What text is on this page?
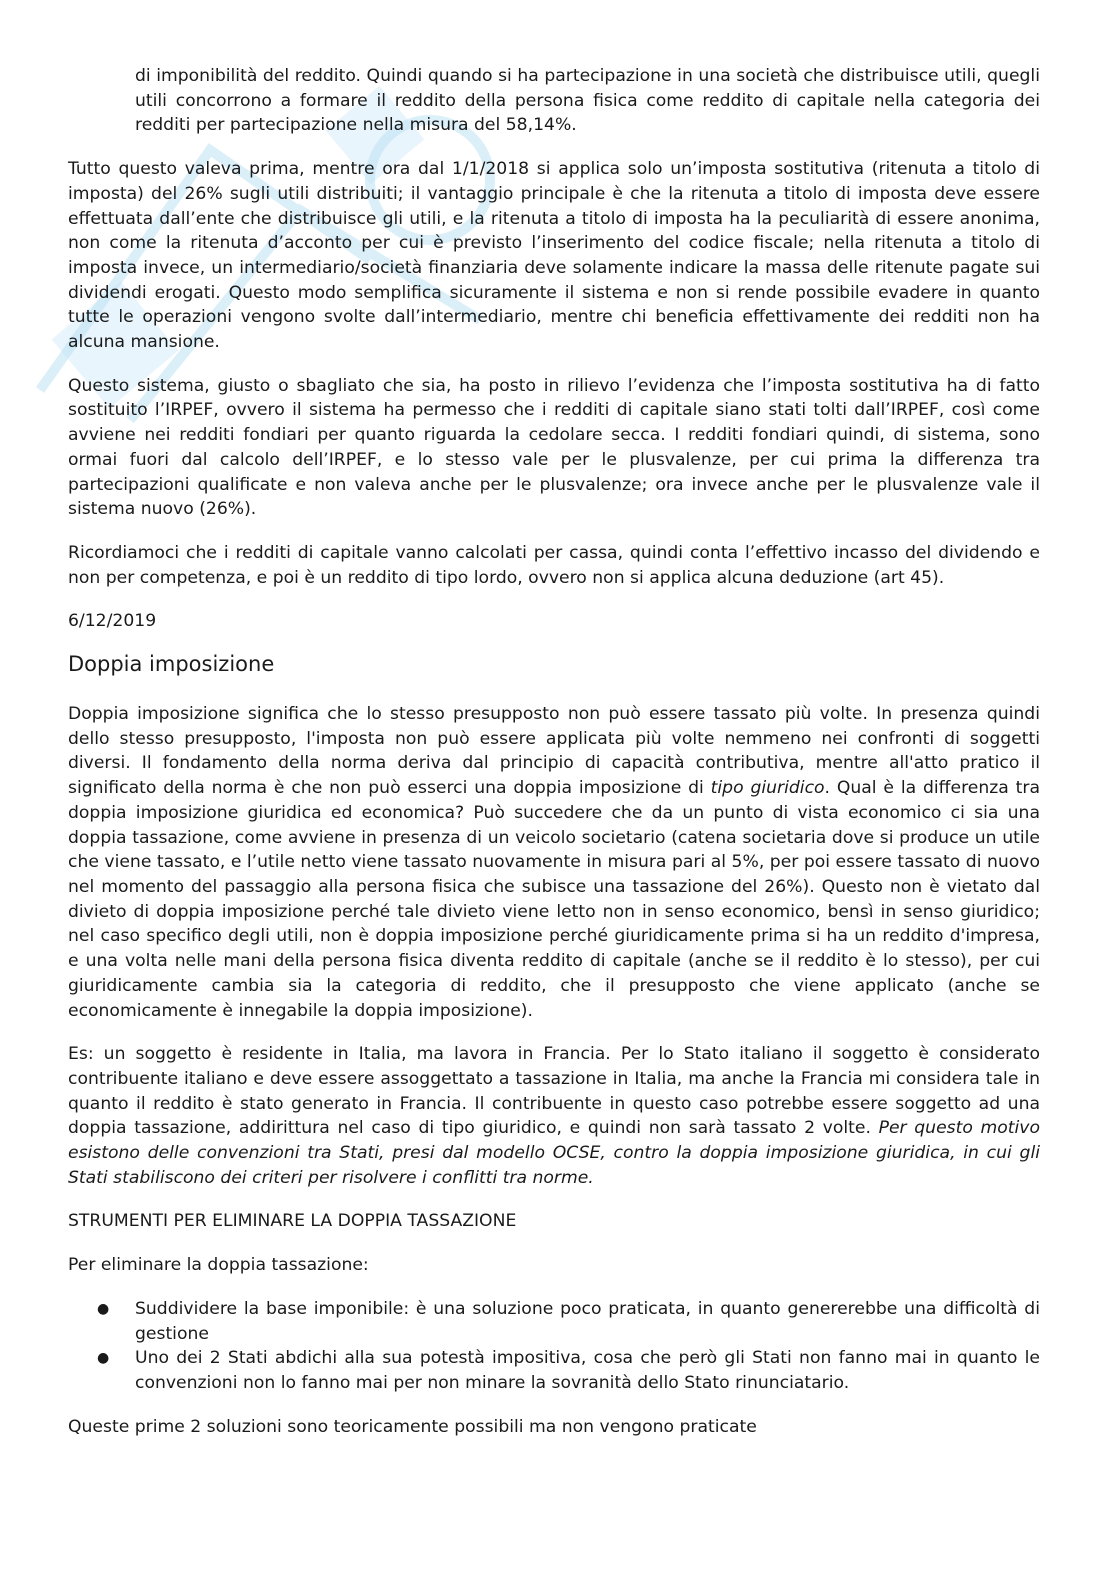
di imponibilità del reddito. Quindi quando si ha partecipazione in una società che distribuisce utili, quegli utili concorrono a formare il reddito della persona fisica come reddito di capitale nella categoria dei redditi per partecipazione nella misura del 58,14%.

Tutto questo valeva prima, mentre ora dal 1/1/2018 si applica solo un’imposta sostitutiva (ritenuta a titolo di imposta) del 26% sugli utili distribuiti; il vantaggio principale è che la ritenuta a titolo di imposta deve essere effettuata dall’ente che distribuisce gli utili, e la ritenuta a titolo di imposta ha la peculiarità di essere anonima, non come la ritenuta d’acconto per cui è previsto l’inserimento del codice fiscale; nella ritenuta a titolo di imposta invece, un intermediario/società finanziaria deve solamente indicare la massa delle ritenute pagate sui dividendi erogati. Questo modo semplifica sicuramente il sistema e non si rende possibile evadere in quanto tutte le operazioni vengono svolte dall’intermediario, mentre chi beneficia effettivamente dei redditi non ha alcuna mansione.

Questo sistema, giusto o sbagliato che sia, ha posto in rilievo l’evidenza che l’imposta sostitutiva ha di fatto sostituito l’IRPEF, ovvero il sistema ha permesso che i redditi di capitale siano stati tolti dall’IRPEF, così come avviene nei redditi fondiari per quanto riguarda la cedolare secca. I redditi fondiari quindi, di sistema, sono ormai fuori dal calcolo dell’IRPEF, e lo stesso vale per le plusvalenze, per cui prima la differenza tra partecipazioni qualificate e non valeva anche per le plusvalenze; ora invece anche per le plusvalenze vale il sistema nuovo (26%).

Ricordiamoci che i redditi di capitale vanno calcolati per cassa, quindi conta l’effettivo incasso del dividendo e non per competenza, e poi è un reddito di tipo lordo, ovvero non si applica alcuna deduzione (art 45).

6/12/2019

Doppia imposizione

Doppia imposizione significa che lo stesso presupposto non può essere tassato più volte. In presenza quindi dello stesso presupposto, l'imposta non può essere applicata più volte nemmeno nei confronti di soggetti diversi. Il fondamento della norma deriva dal principio di capacità contributiva, mentre all'atto pratico il significato della norma è che non può esserci una doppia imposizione di tipo giuridico. Qual è la differenza tra doppia imposizione giuridica ed economica? Può succedere che da un punto di vista economico ci sia una doppia tassazione, come avviene in presenza di un veicolo societario (catena societaria dove si produce un utile che viene tassato, e l’utile netto viene tassato nuovamente in misura pari al 5%, per poi essere tassato di nuovo nel momento del passaggio alla persona fisica che subisce una tassazione del 26%). Questo non è vietato dal divieto di doppia imposizione perché tale divieto viene letto non in senso economico, bensì in senso giuridico; nel caso specifico degli utili, non è doppia imposizione perché giuridicamente prima si ha un reddito d'impresa, e una volta nelle mani della persona fisica diventa reddito di capitale (anche se il reddito è lo stesso), per cui giuridicamente cambia sia la categoria di reddito, che il presupposto che viene applicato (anche se economicamente è innegabile la doppia imposizione).

Es: un soggetto è residente in Italia, ma lavora in Francia. Per lo Stato italiano il soggetto è considerato contribuente italiano e deve essere assoggettato a tassazione in Italia, ma anche la Francia mi considera tale in quanto il reddito è stato generato in Francia. Il contribuente in questo caso potrebbe essere soggetto ad una doppia tassazione, addirittura nel caso di tipo giuridico, e quindi non sarà tassato 2 volte. Per questo motivo esistono delle convenzioni tra Stati, presi dal modello OCSE, contro la doppia imposizione giuridica, in cui gli Stati stabiliscono dei criteri per risolvere i conflitti tra norme.

STRUMENTI PER ELIMINARE LA DOPPIA TASSAZIONE

Per eliminare la doppia tassazione:

● Suddividere la base imponibile: è una soluzione poco praticata, in quanto genererebbe una difficoltà di gestione
● Uno dei 2 Stati abdichi alla sua potestà impositiva, cosa che però gli Stati non fanno mai in quanto le convenzioni non lo fanno mai per non minare la sovranità dello Stato rinunciatario.

Queste prime 2 soluzioni sono teoricamente possibili ma non vengono praticate
